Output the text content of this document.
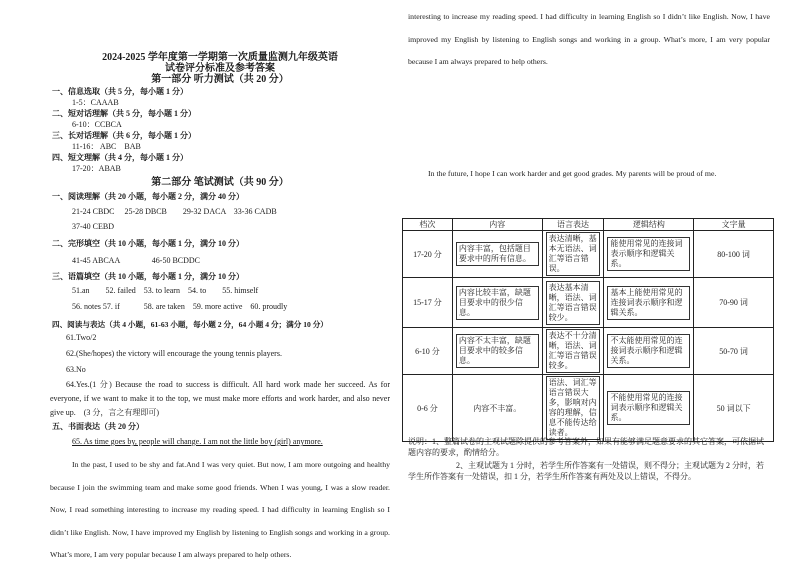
2024-2025 学年度第一学期第一次质量监测九年级英语
试卷评分标准及参考答案
第一部分 听力测试（共 20 分）
一、信息选取（共 5 分，每小题 1 分）
1-5：CAAAB
二、短对话理解（共 5 分，每小题 1 分）
6-10：CCBCA
三、长对话理解（共 6 分，每小题 1 分）
11-16： ABC　BAB
四、短文理解（共 4 分，每小题 1 分）
17-20：ABAB
第二部分 笔试测试（共 90 分）
一、阅读理解（共 20 小题，每小题 2 分，满分 40 分）
21-24 CBDC　 25-28 DBCB　　29-32 DACA　33-36 CADB
37-40 CEBD
二、完形填空（共 10 小题，每小题 1 分，满分 10 分）
41-45 ABCAA　　　　46-50 BCDDC
三、语篇填空（共 10 小题，每小题 1 分，满分 10 分）
51.an　　52. failed　53. to learn　54. to　　55. himself
56. notes 57. if　　　58. are taken　59. more active　60. proudly
四、阅读与表达（共 4 小题，61-63 小题，每小题 2 分，64 小题 4 分；满分 10 分）
61.Two/2
62.(She/hopes) the victory will encourage the young tennis players.
63.No
64.Yes.(1 分) Because the road to success is difficult. All hard work made her succeed. As for everyone, if we want to make it to the top, we must make more efforts and work harder, and also never give up.　(3 分，言之有理即可)
五、书面表达（共 20 分）
65. As time goes by, people will change. I am not the little boy (girl) anymore.
In the past, I used to be shy and fat.And I was very quiet. But now, I am more outgoing and healthy because I join the swimming team and make some good friends. When I was young, I was a slow reader. Now, I read something interesting to increase my reading speed. I had difficulty in learning English so I didn’t like English. Now, I have improved my English by listening to English songs and working in a group. What’s more, I am very popular because I am always prepared to help others.
interesting to increase my reading speed. I had difficulty in learning English so I didn’t like English. Now, I have improved my English by listening to English songs and working in a group. What’s more, I am very popular because I am always prepared to help others.
In the future, I hope I can work harder and get good grades. My parents will be proud of me.
档次	内容	语言表达	逻辑结构	文字量
17-20 分	内容丰富，包括题目要求中的所有信息。	表达清晰，基本无语法、词汇等语言错误。	能使用常见的连接词表示顺序和逻辑关系。	80-100 词
15-17 分	内容比较丰富，缺题目要求中的很少信息。	表达基本清晰，语法、词汇等语言错误较少。	基本上能使用常见的连接词表示顺序和逻辑关系。	70-90 词
6-10 分	内容不太丰富，缺题目要求中的较多信息。	表达不十分清晰，语法、词汇等语言错误较多。	不太能使用常见的连接词表示顺序和逻辑关系。	50-70 词
0-6 分	内容不丰富。	语法、词汇等语言错误大多，影响对内容的理解，信息不能传达给读者。	不能使用常见的连接词表示顺序和逻辑关系。	50 词以下
说明：1、整篇试卷的主观试题除提供的参考答案外，如果有能够满足题意要求的其它答案，可依据试题内容的要求，酌情给分。
2、主观试题为 1 分时，若学生所作答案有一处错误，则不得分；主观试题为 2 分时，若学生所作答案有一处错误，扣 1 分，若学生所作答案有两处及以上错误，不得分。
